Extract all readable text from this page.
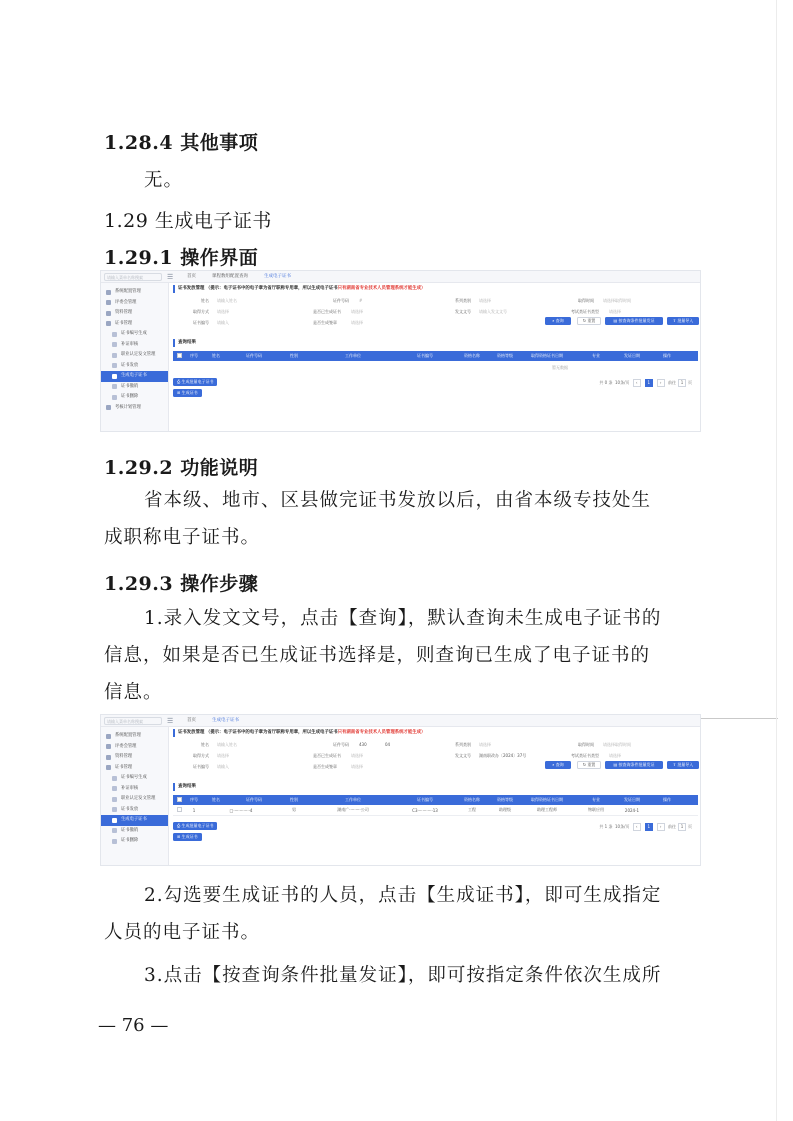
1.28.4 其他事项
无。
1.29 生成电子证书
1.29.1 操作界面
请输入菜单名称搜索	☰	首页	课程数组配置查询	生成电子证书
系统配置管理
评委会管理
资料管理
证书管理
证书编号生成
补证审核
职业认定发文管理
证书发放
生成电子证书
证书撤销
证书删除
考核计划管理
证书发放管理 （提示：电子证书中的电子章为省厅职称专用章，所以生成电子证书只有湖南省专业技术人员管理系统才能生成）
姓名 请输入姓名	证件号码	#	系列类别 请选择	取得时间 请选择取得时间
取得方式 请选择	是否已生成证书	请选择	发文文号 请输入发文文号	考试类证书类型	请选择
证书编号 请输入	是否生成签章	请选择	⌕ 查询	↻ 重置	▤ 按查询条件批量发证	⇪ 批量导入
查询结果
序号	姓名	证件号码	性别	工作单位	证书编号	资格名称	资格等级	取得资格证书日期	专业	发证日期	操作
暂无数据
⎙ 生成批量电子证书
⊞ 生成证书
共 0 条
10条/页
	‹	1	›
	前往	1	页
1.29.2 功能说明
省本级、地市、区县做完证书发放以后，由省本级专技处生
成职称电子证书。
1.29.3 操作步骤
1.录入发文文号，点击【查询】，默认查询未生成电子证书的
信息，如果是否已生成证书选择是，则查询已生成了电子证书的
信息。
请输入菜单名称搜索	☰	首页	生成电子证书
系统配置管理
评委会管理
资料管理
证书管理
证书编号生成
补证审核
职业认定发文管理
证书发放
生成电子证书
证书撤销
证书删除
证书发放管理 （提示：电子证书中的电子章为省厅职称专用章，所以生成电子证书只有湖南省专业技术人员管理系统才能生成）
姓名 请输入姓名	证件号码	430	04	系列类别 请选择	取得时间 请选择取得时间
取得方式 请选择	是否已生成证书	请选择	发文文号 湖南职改办〔2024〕37号	考试类证书类型	请选择
证书编号 请输入	是否生成签章	请选择	⌕ 查询	↻ 重置	▤ 按查询条件批量发证	⇪ 批量导入
查询结果
序号	姓名	证件号码	性别	工作单位	证书编号	资格名称	资格等级	取得资格证书日期	专业	发证日期	操作
1	□·············4	男	湖南广·········公司	C3············13	工程	助理级	助理工程师	物联应用	2024-1
⎙ 生成批量电子证书
⊞ 生成证书
共 1 条
10条/页
	‹	1	›
	前往	1	页
2.勾选要生成证书的人员，点击【生成证书】，即可生成指定
人员的电子证书。
3.点击【按查询条件批量发证】，即可按指定条件依次生成所
— 76 —
